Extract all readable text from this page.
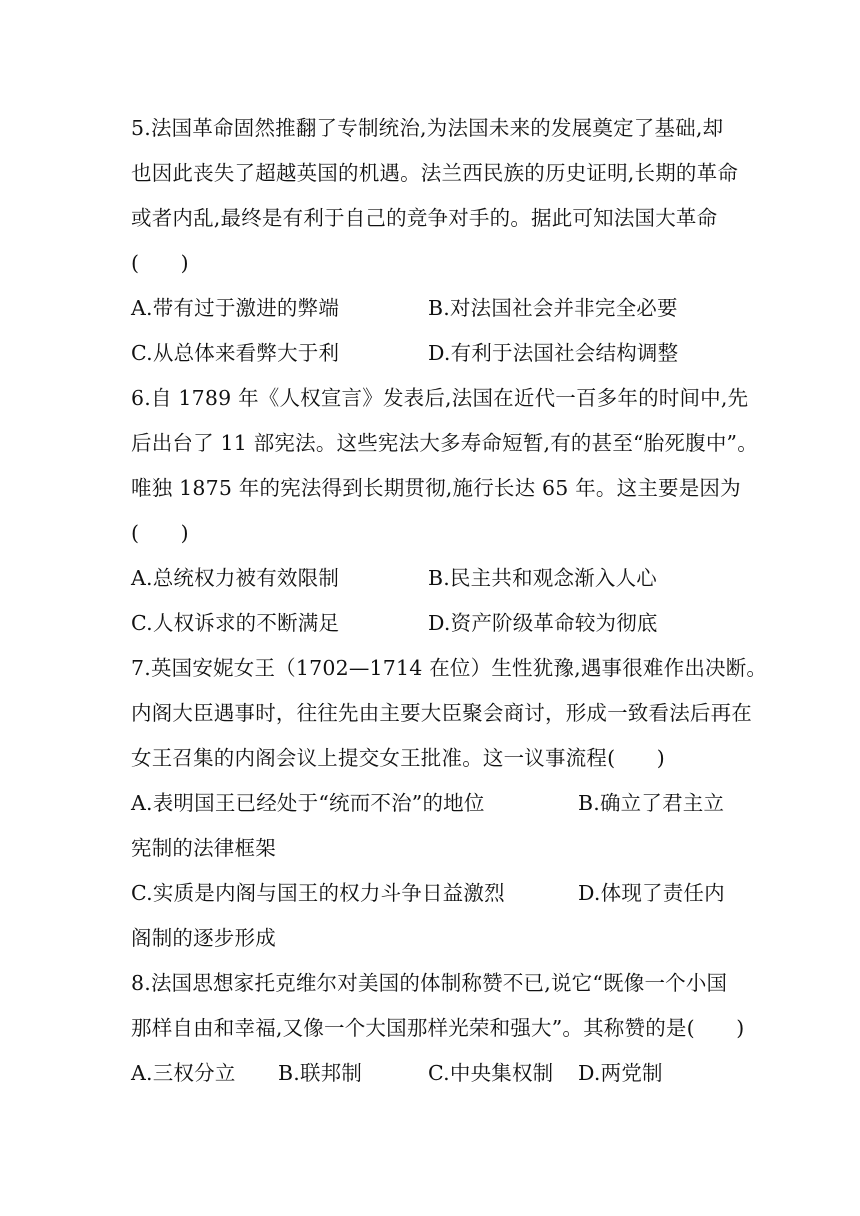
5.法国革命固然推翻了专制统治,为法国未来的发展奠定了基础,却
也因此丧失了超越英国的机遇。法兰西民族的历史证明,长期的革命
或者内乱,最终是有利于自己的竞争对手的。据此可知法国大革命
(　　)
A.带有过于激进的弊端	B.对法国社会并非完全必要
C.从总体来看弊大于利	D.有利于法国社会结构调整
6.自 1789 年《人权宣言》发表后,法国在近代一百多年的时间中,先
后出台了 11 部宪法。这些宪法大多寿命短暂,有的甚至“胎死腹中”。
唯独 1875 年的宪法得到长期贯彻,施行长达 65 年。这主要是因为
(　　)
A.总统权力被有效限制	B.民主共和观念渐入人心
C.人权诉求的不断满足	D.资产阶级革命较为彻底
7.英国安妮女王（1702—1714 在位）生性犹豫,遇事很难作出决断。
内阁大臣遇事时，往往先由主要大臣聚会商讨，形成一致看法后再在
女王召集的内阁会议上提交女王批准。这一议事流程(　　)
A.表明国王已经处于“统而不治”的地位	B.确立了君主立
宪制的法律框架
C.实质是内阁与国王的权力斗争日益激烈	D.体现了责任内
阁制的逐步形成
8.法国思想家托克维尔对美国的体制称赞不已,说它“既像一个小国
那样自由和幸福,又像一个大国那样光荣和强大”。其称赞的是(　　)
A.三权分立 B.联邦制	C.中央集权制 D.两党制
